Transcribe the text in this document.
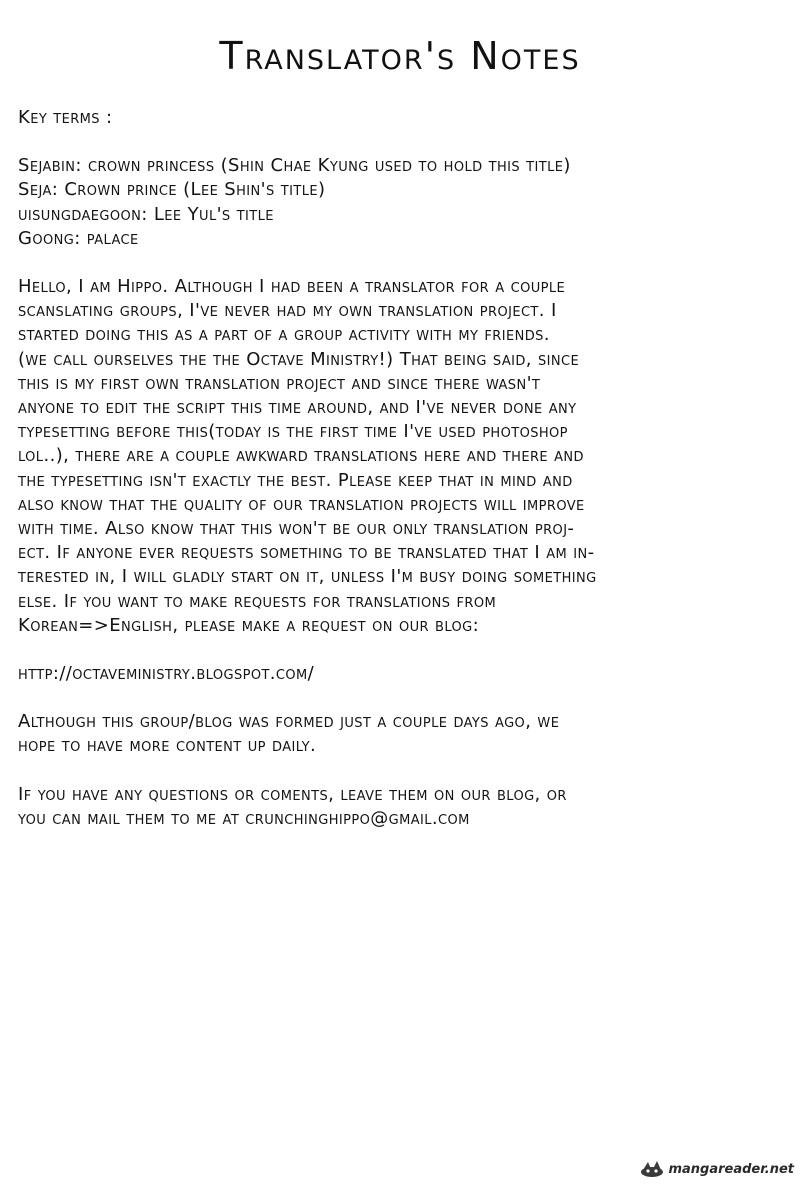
Translator's Notes
Key terms :
Sejabin: crown princess (Shin Chae Kyung used to hold this title)
Seja: Crown prince (Lee Shin's title)
uisungdaegoon: Lee Yul's title
Goong: palace
Hello, I am Hippo. Although I had been a translator for a couple
scanslating groups, I've never had my own translation project. I
started doing this as a part of a group activity with my friends.
(we call ourselves the the Octave Ministry!) That being said, since
this is my first own translation project and since there wasn't
anyone to edit the script this time around, and I've never done any
typesetting before this(today is the first time I've used photoshop
lol..), there are a couple awkward translations here and there and
the typesetting isn't exactly the best. Please keep that in mind and
also know that the quality of our translation projects will improve
with time. Also know that this won't be our only translation proj-
ect. If anyone ever requests something to be translated that I am in-
terested in, I will gladly start on it, unless I'm busy doing something
else. If you want to make requests for translations from
Korean=>English, please make a request on our blog:
http://octaveministry.blogspot.com/
Although this group/blog was formed just a couple days ago, we
hope to have more content up daily.
If you have any questions or coments, leave them on our blog, or
you can mail them to me at crunchinghippo@gmail.com
mangareader.net
